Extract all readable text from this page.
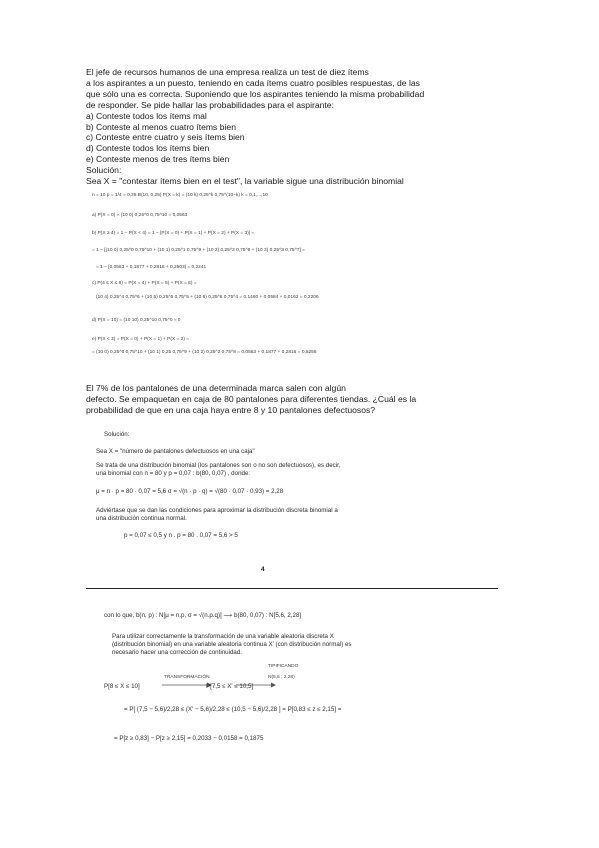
El jefe de recursos humanos de una empresa realiza un test de diez ítems
a los aspirantes a un puesto, teniendo en cada ítems cuatro posibles respuestas, de las
que sólo una es correcta. Suponiendo que los aspirantes teniendo la misma probabilidad
de responder. Se pide hallar las probabilidades para el aspirante:
a) Conteste todos los ítems mal
b) Conteste al menos cuatro ítems bien
c) Conteste entre cuatro y seis ítems bien
d) Conteste todos los ítems bien
e) Conteste menos de tres ítems bien
Solución:
Sea X = "contestar ítems bien en el test", la variable sigue una distribución binomial
n = 10 p = 1/4 = 0,25 B(10, 0,25) P(X = k) = (10 k) 0,25^k 0,75^(10−k) k = 0,1,...,10
a) P(X = 0) = (10 0) 0,25^0 0,75^10 = 0,0563
b) P(X ≥ 4) = 1 − P(X < 4) = 1 − [P(X = 0) + P(X = 1) + P(X = 2) + P(X = 3)] =
= 1 − [(10 0) 0,25^0 0,75^10 + (10 1) 0,25^1 0,75^9 + (10 2) 0,25^2 0,75^8 + (10 3) 0,25^3 0,75^7] =
= 1 − [0,0563 + 0,1877 + 0,2816 + 0,2503] = 0,2241
c) P(4 ≤ X ≤ 6) = P(X = 4) + P(X = 5) + P(X = 6) =
(10 4) 0,25^4 0,75^6 + (10 5) 0,25^5 0,75^5 + (10 6) 0,25^6 0,75^4 = 0,1460 + 0,0584 + 0,0162 = 0,2206
d) P(X = 10) = (10 10) 0,25^10 0,75^0 ≈ 0
e) P(X < 3) = P(X = 0) + P(X = 1) + P(X = 2) =
= (10 0) 0,25^0 0,75^10 + (10 1) 0,25 0,75^9 + (10 2) 0,25^2 0,75^8 = 0,0563 + 0,1877 + 0,2816 = 0,5256
El 7% de los pantalones de una determinada marca salen con algún
defecto. Se empaquetan en caja de 80 pantalones para diferentes tiendas. ¿Cuál es la
probabilidad de que en una caja haya entre 8 y 10 pantalones defectuosos?
Solución:
Sea X = "número de pantalones defectuosos en una caja"
Se trata de una distribución binomial (los pantalones son o no son defectuosos), es decir,
una binomial con n = 80 y p = 0,07 : b(80, 0,07) , donde:
μ = n · p = 80 · 0,07 = 5,6 σ = √(n · p · q) = √(80 · 0,07 · 0,93) = 2,28
Adviértase que se dan las condiciones para aproximar la distribución discreta binomial a
una distribución continua normal.
p = 0,07 ≤ 0,5 y n . p = 80 . 0,07 = 5,6 > 5
4
con lo que, b(n, p) : N[μ = n.p, σ = √(n.p.q)] ⟶ b(80, 0,07) : N[5,6, 2,28]
Para utilizar correctamente la transformación de una variable aleatoria discreta X
(distribución binomial) en una variable aleatoria continua X' (con distribución normal) es
necesario hacer una corrección de continuidad.
TIPIFICANDO
N(5,6 ; 2,28)
TRANSFORMACIÓN
P[8 ≤ X ≤ 10]	P[7,5 ≤ X' ≤ 10,5]
= P[ (7,5 − 5,6)/2,28 ≤ (X' − 5,6)/2,28 ≤ (10,5 − 5,6)/2,28 ] = P[0,83 ≤ z ≤ 2,15] =
= P[z ≥ 0,83] − P[z ≥ 2,15] = 0,2033 − 0,0158 = 0,1875
